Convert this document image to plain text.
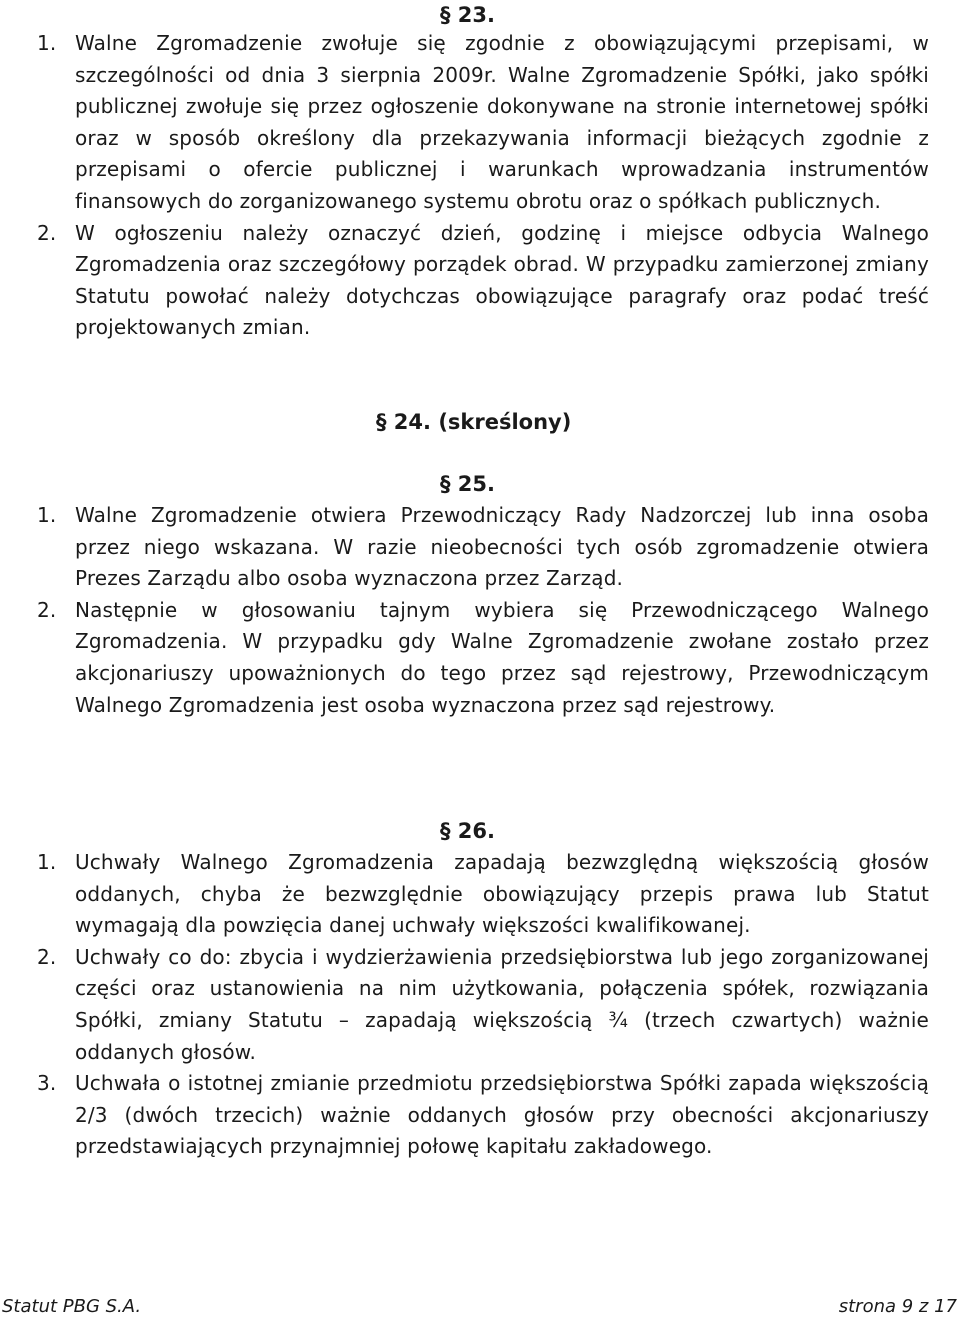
§ 23.
1. Walne Zgromadzenie zwołuje się zgodnie z obowiązującymi przepisami, w szczególności od dnia 3 sierpnia 2009r. Walne Zgromadzenie Spółki, jako spółki publicznej zwołuje się przez ogłoszenie dokonywane na stronie internetowej spółki oraz w sposób określony dla przekazywania informacji bieżących zgodnie z przepisami o ofercie publicznej i warunkach wprowadzania instrumentów finansowych do zorganizowanego systemu obrotu oraz o spółkach publicznych.
2. W ogłoszeniu należy oznaczyć dzień, godzinę i miejsce odbycia Walnego Zgromadzenia oraz szczegółowy porządek obrad. W przypadku zamierzonej zmiany Statutu powołać należy dotychczas obowiązujące paragrafy oraz podać treść projektowanych zmian.
§ 24. (skreślony)
§ 25.
1. Walne Zgromadzenie otwiera Przewodniczący Rady Nadzorczej lub inna osoba przez niego wskazana. W razie nieobecności tych osób zgromadzenie otwiera Prezes Zarządu albo osoba wyznaczona przez Zarząd.
2. Następnie w głosowaniu tajnym wybiera się Przewodniczącego Walnego Zgromadzenia. W przypadku gdy Walne Zgromadzenie zwołane zostało przez akcjonariuszy upoważnionych do tego przez sąd rejestrowy, Przewodniczącym Walnego Zgromadzenia jest osoba wyznaczona przez sąd rejestrowy.
§ 26.
1. Uchwały Walnego Zgromadzenia zapadają bezwzględną większością głosów oddanych, chyba że bezwzględnie obowiązujący przepis prawa lub Statut wymagają dla powzięcia danej uchwały większości kwalifikowanej.
2. Uchwały co do: zbycia i wydzierżawienia przedsiębiorstwa lub jego zorganizowanej części oraz ustanowienia na nim użytkowania, połączenia spółek, rozwiązania Spółki, zmiany Statutu – zapadają większością ¾ (trzech czwartych) ważnie oddanych głosów.
3. Uchwała o istotnej zmianie przedmiotu przedsiębiorstwa Spółki zapada większością 2/3 (dwóch trzecich) ważnie oddanych głosów przy obecności akcjonariuszy przedstawiających przynajmniej połowę kapitału zakładowego.
Statut PBG S.A.	strona 9 z 17
